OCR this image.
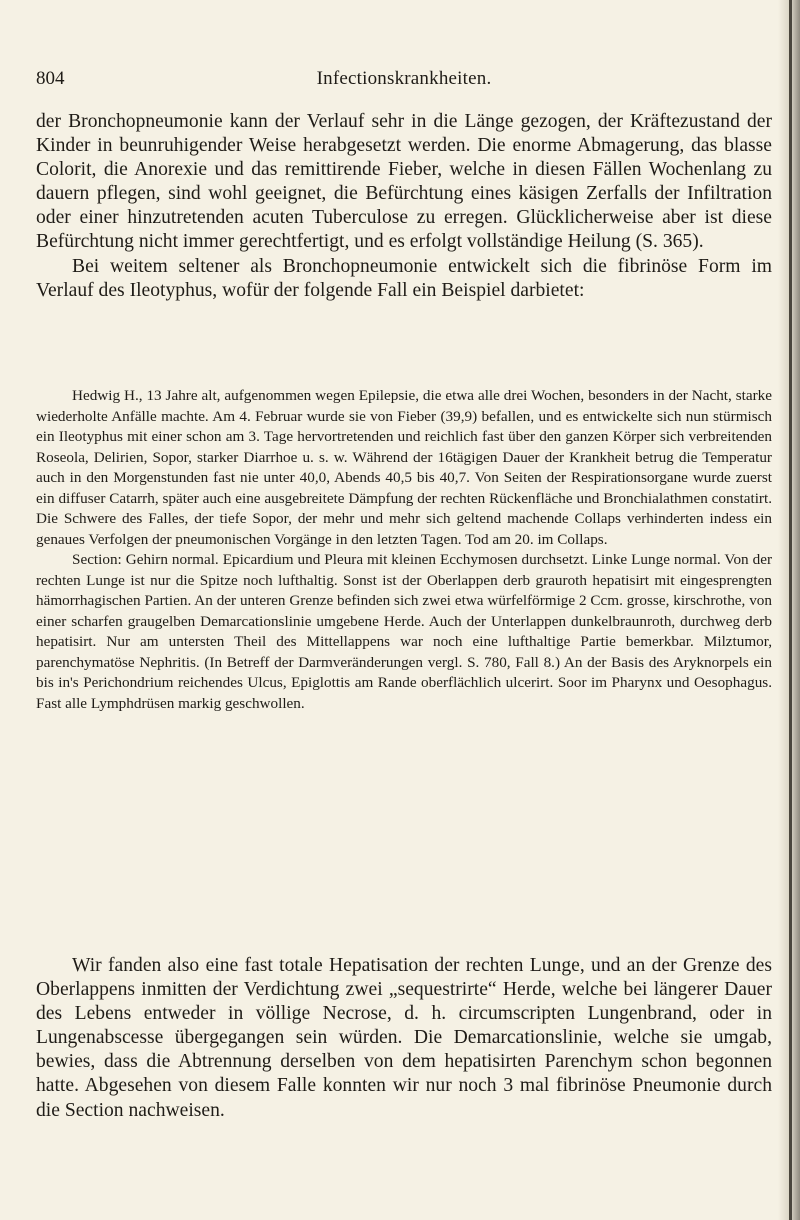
804	Infectionskrankheiten.

der Bronchopneumonie kann der Verlauf sehr in die Länge gezogen, der Kräftezustand der Kinder in beunruhigender Weise herabgesetzt werden. Die enorme Abmagerung, das blasse Colorit, die Anorexie und das remittirende Fieber, welche in diesen Fällen Wochenlang zu dauern pflegen, sind wohl geeignet, die Befürchtung eines käsigen Zerfalls der Infiltration oder einer hinzutretenden acuten Tuberculose zu erregen. Glücklicherweise aber ist diese Befürchtung nicht immer gerechtfertigt, und es erfolgt vollständige Heilung (S. 365).

Bei weitem seltener als Bronchopneumonie entwickelt sich die fibrinöse Form im Verlauf des Ileotyphus, wofür der folgende Fall ein Beispiel darbietet:

Hedwig H., 13 Jahre alt, aufgenommen wegen Epilepsie, die etwa alle drei Wochen, besonders in der Nacht, starke wiederholte Anfälle machte. Am 4. Februar wurde sie von Fieber (39,9) befallen, und es entwickelte sich nun stürmisch ein Ileotyphus mit einer schon am 3. Tage hervortretenden und reichlich fast über den ganzen Körper sich verbreitenden Roseola, Delirien, Sopor, starker Diarrhoe u. s. w. Während der 16tägigen Dauer der Krankheit betrug die Temperatur auch in den Morgenstunden fast nie unter 40,0, Abends 40,5 bis 40,7. Von Seiten der Respirationsorgane wurde zuerst ein diffuser Catarrh, später auch eine ausgebreitete Dämpfung der rechten Rückenfläche und Bronchialathmen constatirt. Die Schwere des Falles, der tiefe Sopor, der mehr und mehr sich geltend machende Collaps verhinderten indess ein genaues Verfolgen der pneumonischen Vorgänge in den letzten Tagen. Tod am 20. im Collaps.

Section: Gehirn normal. Epicardium und Pleura mit kleinen Ecchymosen durchsetzt. Linke Lunge normal. Von der rechten Lunge ist nur die Spitze noch lufthaltig. Sonst ist der Oberlappen derb grauroth hepatisirt mit eingesprengten hämorrhagischen Partien. An der unteren Grenze befinden sich zwei etwa würfelförmige 2 Ccm. grosse, kirschrothe, von einer scharfen graugelben Demarcationslinie umgebene Herde. Auch der Unterlappen dunkelbraunroth, durchweg derb hepatisirt. Nur am untersten Theil des Mittellappens war noch eine lufthaltige Partie bemerkbar. Milztumor, parenchymatöse Nephritis. (In Betreff der Darmveränderungen vergl. S. 780, Fall 8.) An der Basis des Aryknorpels ein bis in's Perichondrium reichendes Ulcus, Epiglottis am Rande oberflächlich ulcerirt. Soor im Pharynx und Oesophagus. Fast alle Lymphdrüsen markig geschwollen.

Wir fanden also eine fast totale Hepatisation der rechten Lunge, und an der Grenze des Oberlappens inmitten der Verdichtung zwei „sequestrirte“ Herde, welche bei längerer Dauer des Lebens entweder in völlige Necrose, d. h. circumscripten Lungenbrand, oder in Lungenabscesse übergegangen sein würden. Die Demarcationslinie, welche sie umgab, bewies, dass die Abtrennung derselben von dem hepatisirten Parenchym schon begonnen hatte. Abgesehen von diesem Falle konnten wir nur noch 3 mal fibrinöse Pneumonie durch die Section nachweisen.
